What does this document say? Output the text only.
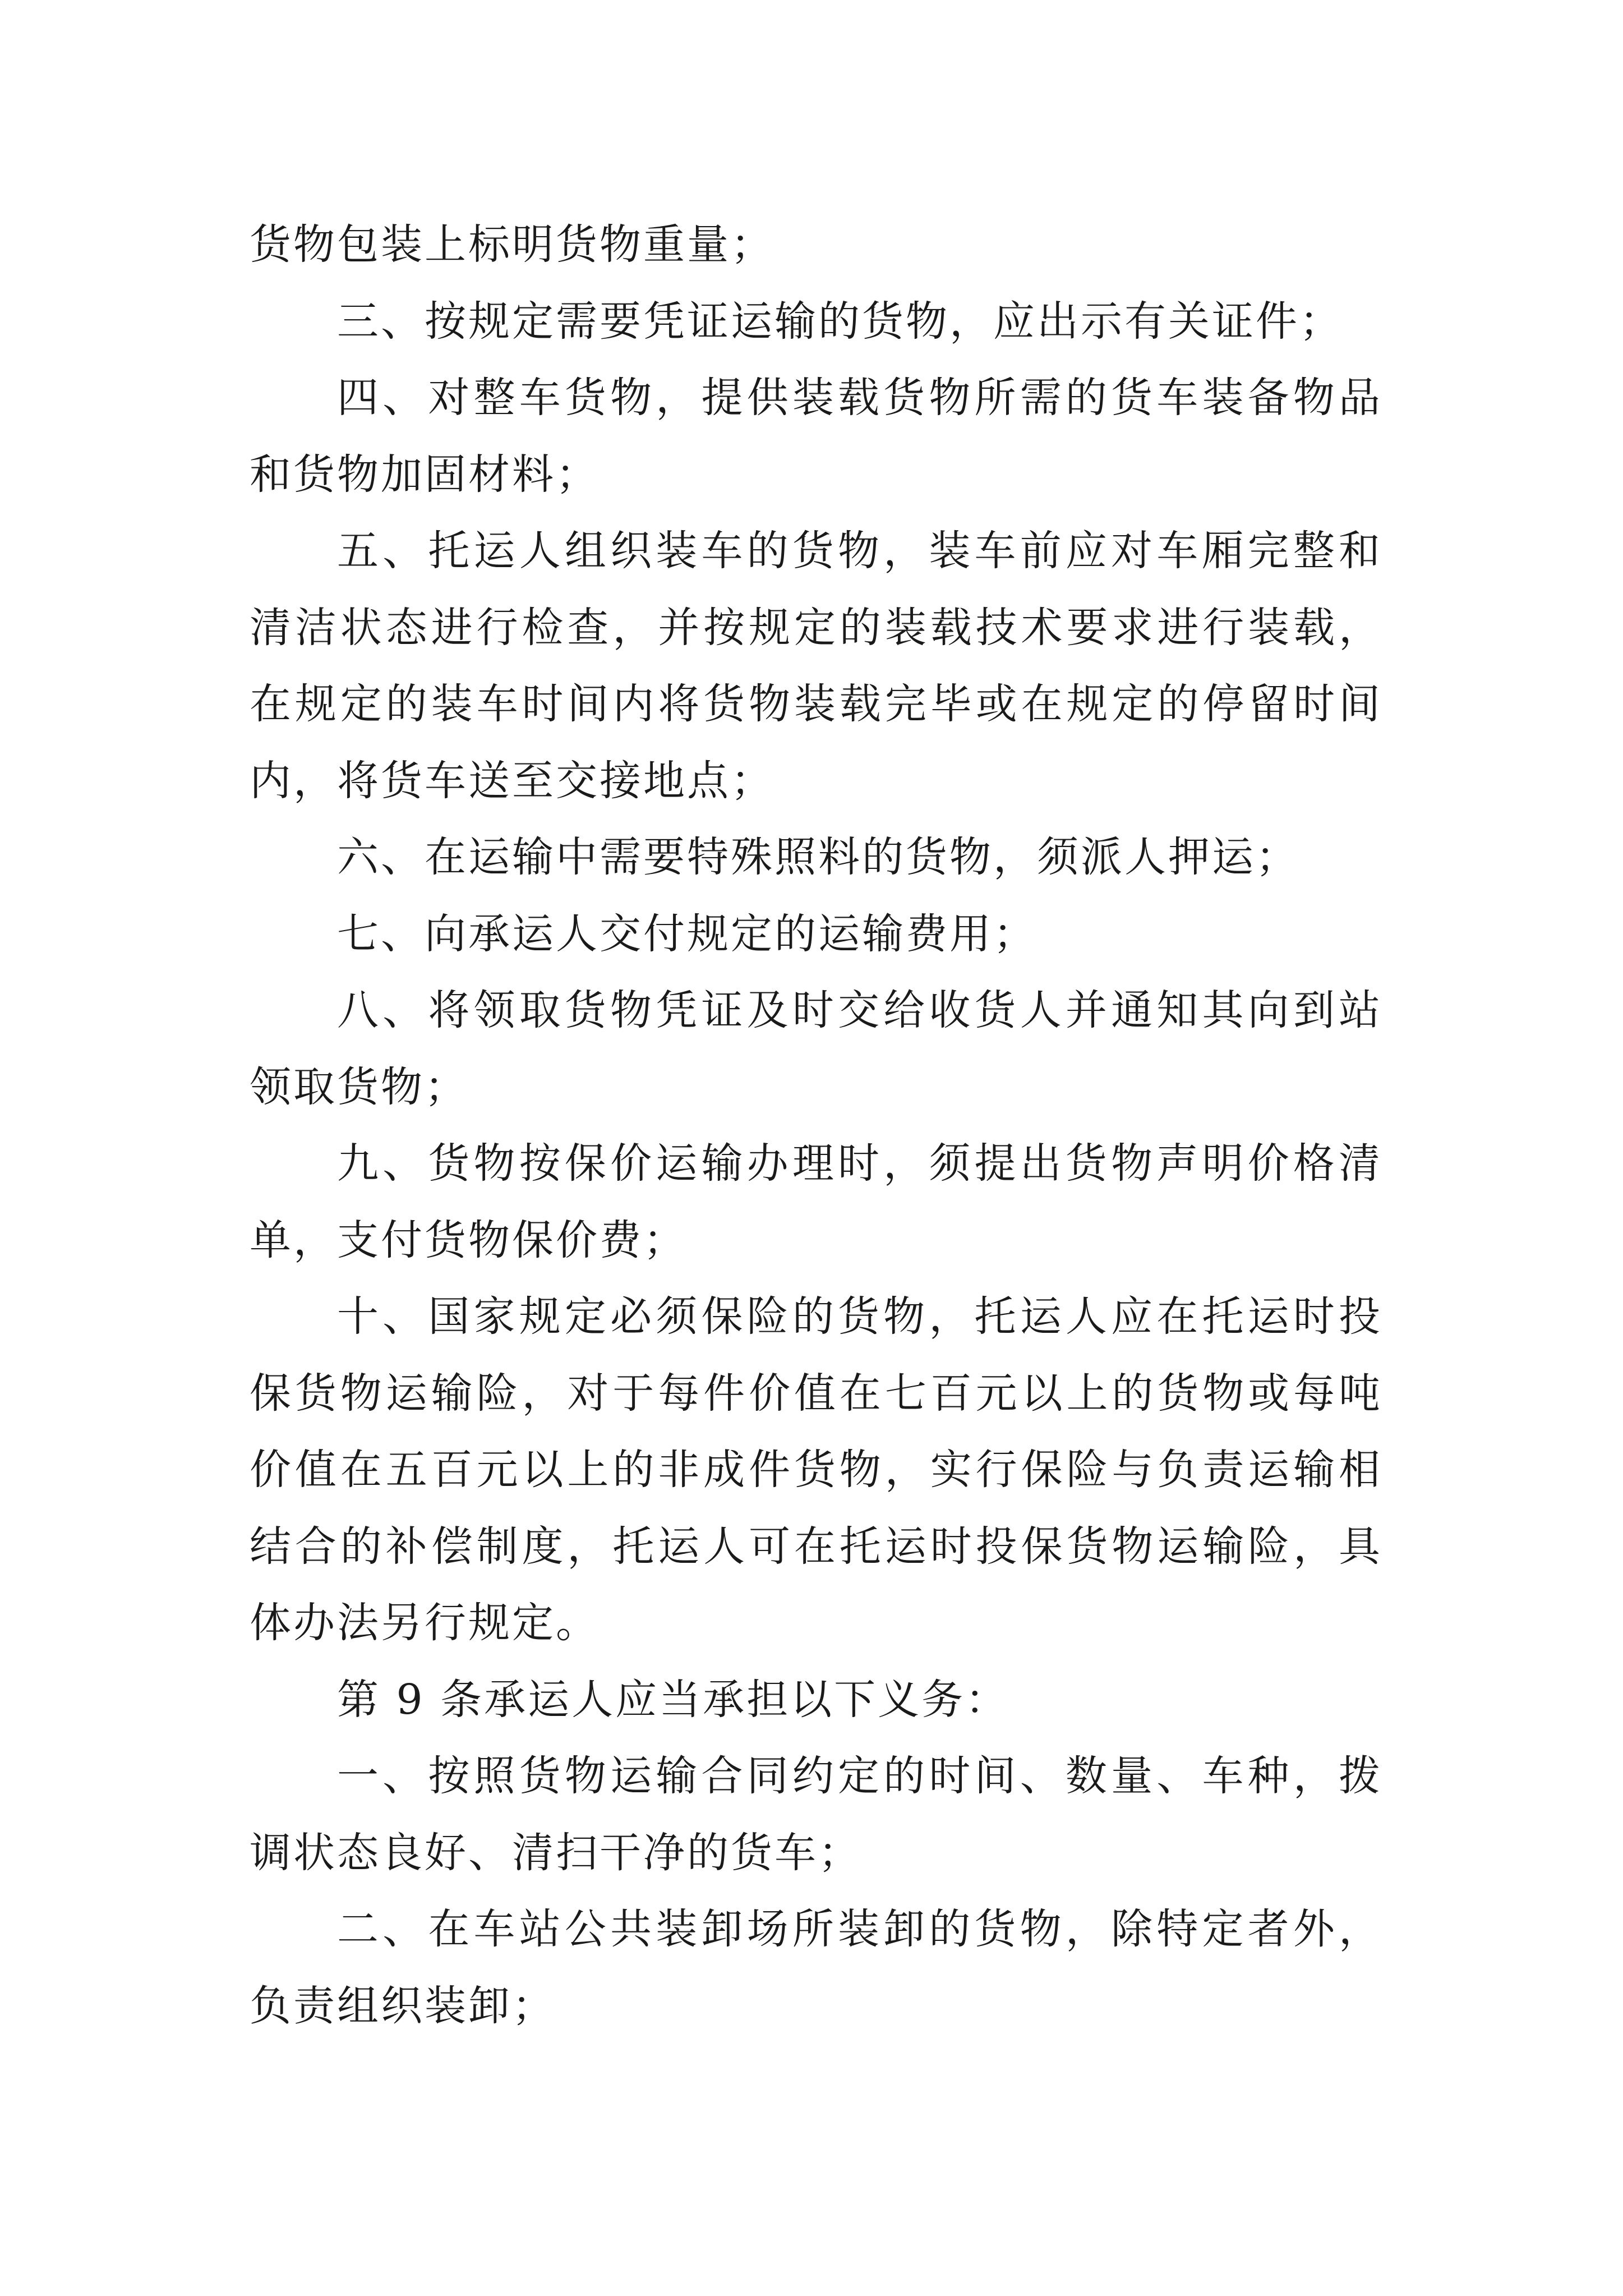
货物包装上标明货物重量；

三、按规定需要凭证运输的货物，应出示有关证件；

四、对整车货物，提供装载货物所需的货车装备物品和货物加固材料；

五、托运人组织装车的货物，装车前应对车厢完整和清洁状态进行检查，并按规定的装载技术要求进行装载，在规定的装车时间内将货物装载完毕或在规定的停留时间内，将货车送至交接地点；

六、在运输中需要特殊照料的货物，须派人押运；

七、向承运人交付规定的运输费用；

八、将领取货物凭证及时交给收货人并通知其向到站领取货物；

九、货物按保价运输办理时，须提出货物声明价格清单，支付货物保价费；

十、国家规定必须保险的货物，托运人应在托运时投保货物运输险，对于每件价值在七百元以上的货物或每吨价值在五百元以上的非成件货物，实行保险与负责运输相结合的补偿制度，托运人可在托运时投保货物运输险，具体办法另行规定。

第 9 条承运人应当承担以下义务：

一、按照货物运输合同约定的时间、数量、车种，拨调状态良好、清扫干净的货车；

二、在车站公共装卸场所装卸的货物，除特定者外，负责组织装卸；
